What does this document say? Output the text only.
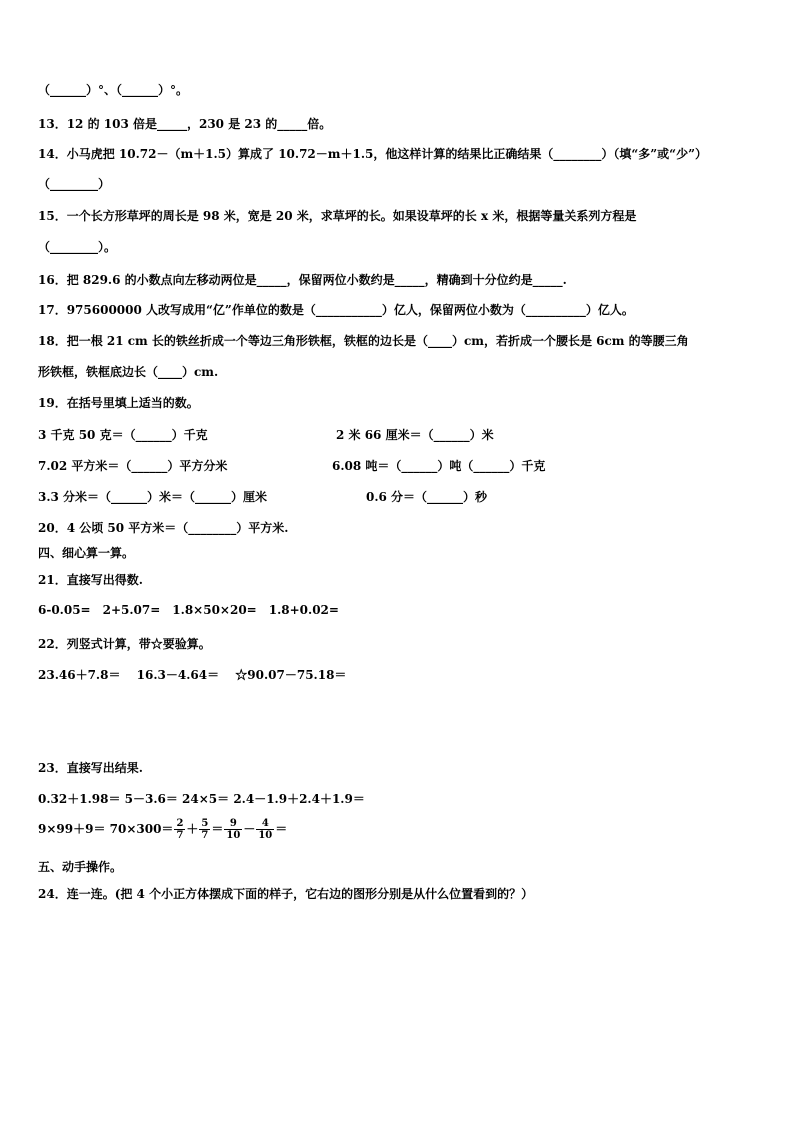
（______）°、（______）°。
13．12 的 103 倍是_____，230 是 23 的_____倍。
14．小马虎把 10.72－（m＋1.5）算成了 10.72－m＋1.5，他这样计算的结果比正确结果（________）（填“多”或“少”）
（________）
15．一个长方形草坪的周长是 98 米，宽是 20 米，求草坪的长。如果设草坪的长 x 米，根据等量关系列方程是
（________）。
16．把 829.6 的小数点向左移动两位是_____，保留两位小数约是_____，精确到十分位约是_____.
17．975600000 人改写成用“亿”作单位的数是（___________）亿人，保留两位小数为（__________）亿人。
18．把一根 21 cm 长的铁丝折成一个等边三角形铁框，铁框的边长是（____）cm，若折成一个腰长是 6cm 的等腰三角
形铁框，铁框底边长（____）cm.
19．在括号里填上适当的数。
3 千克 50 克＝（______）千克	2 米 66 厘米＝（______）米
7.02 平方米＝（______）平方分米	6.08 吨＝（______）吨（______）千克
3.3 分米＝（______）米＝（______）厘米	0.6 分＝（______）秒
20．4 公顷 50 平方米＝（________）平方米.
四、细心算一算。
21．直接写出得数.
6-0.05=　2+5.07=　1.8×50×20=　1.8+0.02=
22．列竖式计算，带☆要验算。
23.46＋7.8＝　 16.3－4.64＝　 ☆90.07－75.18＝
23．直接写出结果.
0.32＋1.98＝ 5－3.6＝ 24×5＝ 2.4－1.9＋2.4＋1.9＝
$9\times 99+9= 70\times 300= \frac{2}{7} + \frac{5}{7} = \frac{9}{10} - \frac{4}{10}$ ＝
五、动手操作。
24．连一连。(把 4 个小正方体摆成下面的样子，它右边的图形分别是从什么位置看到的？）
